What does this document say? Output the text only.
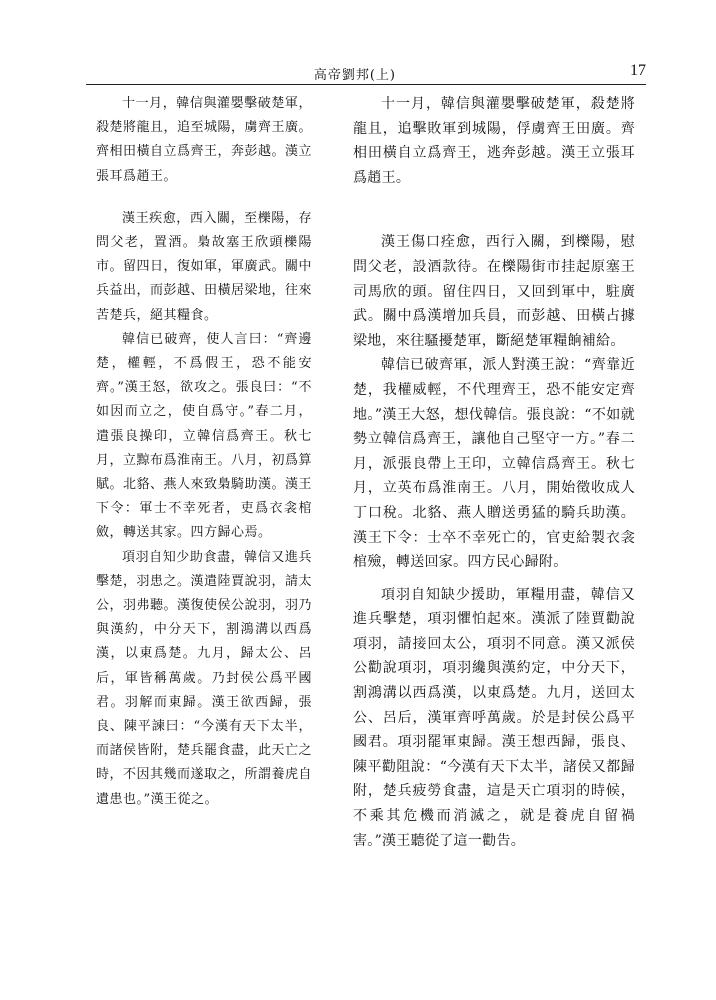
高帝劉邦(上)	17

十一月，韓信與灌嬰擊破楚軍，殺楚將龍且，追至城陽，虜齊王廣。齊相田橫自立爲齊王，奔彭越。漢立張耳爲趙王。

漢王疾愈，西入關，至櫟陽，存問父老，置酒。梟故塞王欣頭櫟陽市。留四日，復如軍，軍廣武。關中兵益出，而彭越、田橫居梁地，往來苦楚兵，絕其糧食。

韓信已破齊，使人言曰：“齊邊楚，權輕，不爲假王，恐不能安齊。”漢王怒，欲攻之。張良曰：“不如因而立之，使自爲守。”春二月，遣張良操印，立韓信爲齊王。秋七月，立黥布爲淮南王。八月，初爲算賦。北貉、燕人來致梟騎助漢。漢王下令：軍士不幸死者，吏爲衣衾棺斂，轉送其家。四方歸心焉。

項羽自知少助食盡，韓信又進兵擊楚，羽患之。漢遣陸賈說羽，請太公，羽弗聽。漢復使侯公說羽，羽乃與漢約，中分天下，割鴻溝以西爲漢，以東爲楚。九月，歸太公、呂后，軍皆稱萬歲。乃封侯公爲平國君。羽解而東歸。漢王欲西歸，張良、陳平諫曰：“今漢有天下太半，而諸侯皆附，楚兵罷食盡，此天亡之時，不因其幾而遂取之，所謂養虎自遺患也。”漢王從之。

十一月，韓信與灌嬰擊破楚軍，殺楚將龍且，追擊敗軍到城陽，俘虜齊王田廣。齊相田橫自立爲齊王，逃奔彭越。漢王立張耳爲趙王。

漢王傷口痊愈，西行入關，到櫟陽，慰問父老，設酒款待。在櫟陽街市挂起原塞王司馬欣的頭。留住四日，又回到軍中，駐廣武。關中爲漢增加兵員，而彭越、田橫占據梁地，來往騷擾楚軍，斷絕楚軍糧餉補給。

韓信已破齊軍，派人對漢王說：“齊靠近楚，我權威輕，不代理齊王，恐不能安定齊地。”漢王大怒，想伐韓信。張良說：“不如就勢立韓信爲齊王，讓他自己堅守一方。”春二月，派張良帶上王印，立韓信爲齊王。秋七月，立英布爲淮南王。八月，開始徵收成人丁口稅。北貉、燕人贈送勇猛的騎兵助漢。漢王下令：士卒不幸死亡的，官吏給製衣衾棺殮，轉送回家。四方民心歸附。

項羽自知缺少援助，軍糧用盡，韓信又進兵擊楚，項羽懼怕起來。漢派了陸賈勸說項羽，請接回太公，項羽不同意。漢又派侯公勸說項羽，項羽纔與漢約定，中分天下，割鴻溝以西爲漢，以東爲楚。九月，送回太公、呂后，漢軍齊呼萬歲。於是封侯公爲平國君。項羽罷軍東歸。漢王想西歸，張良、陳平勸阻說：“今漢有天下太半，諸侯又都歸附，楚兵疲勞食盡，這是天亡項羽的時候，不乘其危機而消滅之，就是養虎自留禍害。”漢王聽從了這一勸告。
